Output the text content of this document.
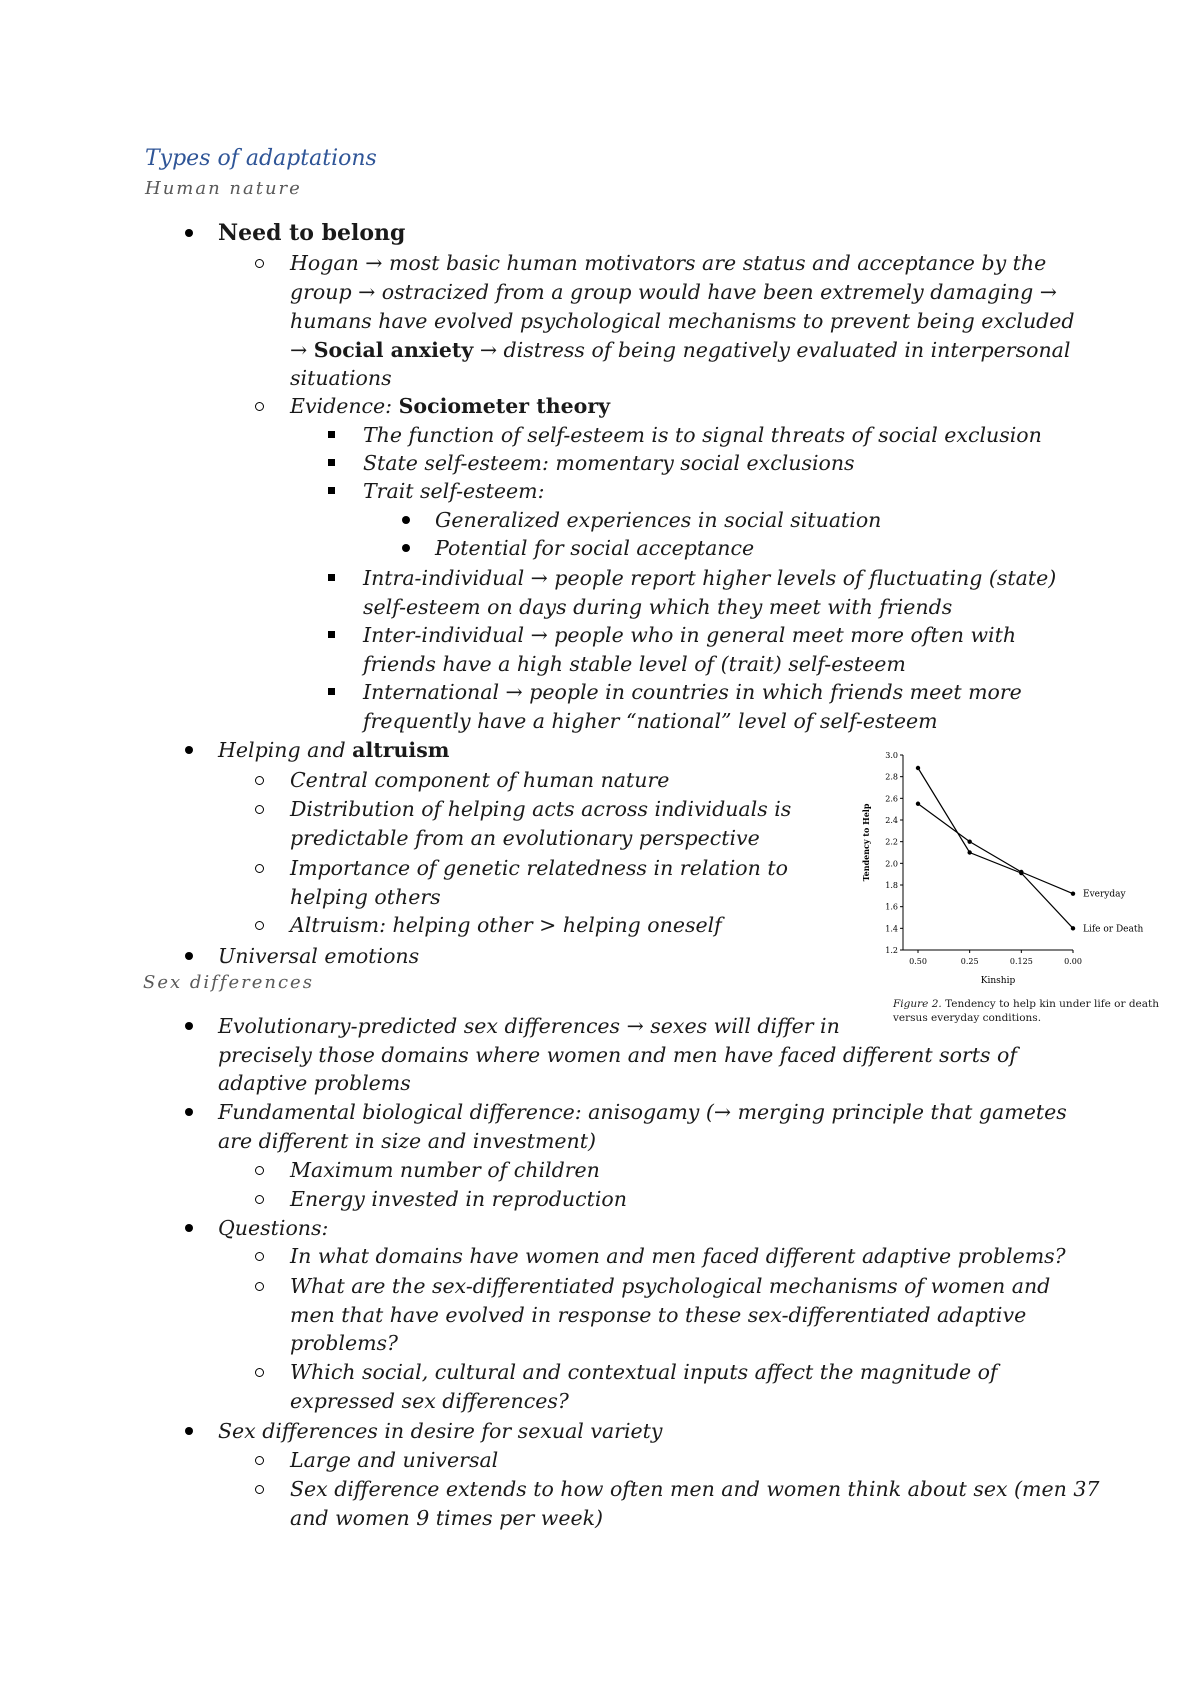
Types of adaptations
Human nature
Need to belong
Hogan → most basic human motivators are status and acceptance by the
group → ostracized from a group would have been extremely damaging →
humans have evolved psychological mechanisms to prevent being excluded
→ Social anxiety → distress of being negatively evaluated in interpersonal
situations
Evidence: Sociometer theory
The function of self-esteem is to signal threats of social exclusion
State self-esteem: momentary social exclusions
Trait self-esteem:
Generalized experiences in social situation
Potential for social acceptance
Intra-individual → people report higher levels of fluctuating (state)
self-esteem on days during which they meet with friends
Inter-individual → people who in general meet more often with
friends have a high stable level of (trait) self-esteem
International → people in countries in which friends meet more
frequently have a higher “national” level of self-esteem
Helping and altruism
Central component of human nature
Distribution of helping acts across individuals is
predictable from an evolutionary perspective
Importance of genetic relatedness in relation to
helping others
Altruism: helping other > helping oneself
Universal emotions
Sex differences
1.2
1.4
1.6
1.8
2.0
2.2
2.4
2.6
2.8
3.0
0.50	0.25	0.125	0.00
Kinship
Tendency to Help
Everyday
Life or Death
Figure 2. Tendency to help kin under life or death versus everyday conditions.
Evolutionary-predicted sex differences → sexes will differ in
precisely those domains where women and men have faced different sorts of
adaptive problems
Fundamental biological difference: anisogamy (→ merging principle that gametes
are different in size and investment)
Maximum number of children
Energy invested in reproduction
Questions:
In what domains have women and men faced different adaptive problems?
What are the sex-differentiated psychological mechanisms of women and
men that have evolved in response to these sex-differentiated adaptive
problems?
Which social, cultural and contextual inputs affect the magnitude of
expressed sex differences?
Sex differences in desire for sexual variety
Large and universal
Sex difference extends to how often men and women think about sex (men 37
and women 9 times per week)
